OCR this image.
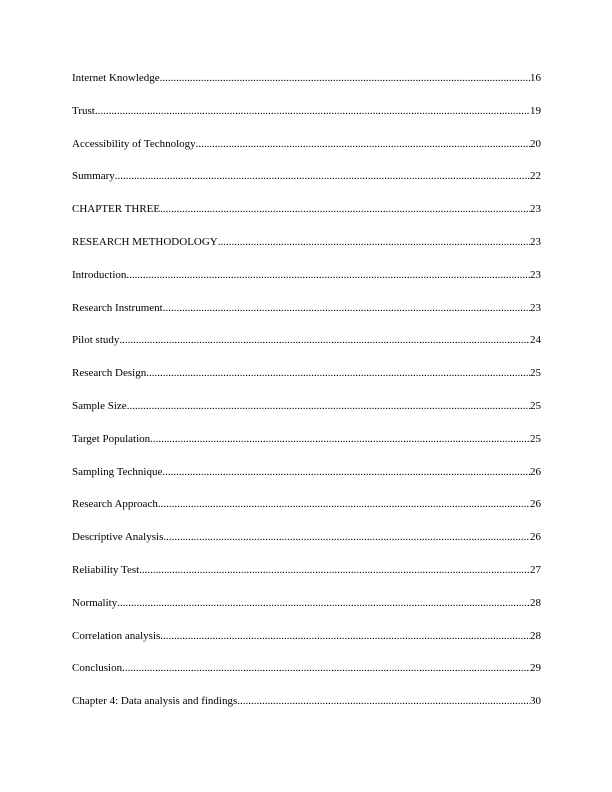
Internet Knowledge .....	16
Trust .....	19
Accessibility of Technology .....	20
Summary .....	22
CHAPTER THREE .....	23
RESEARCH METHODOLOGY .....	23
Introduction .....	23
Research Instrument .....	23
Pilot study .....	24
Research Design .....	25
Sample Size .....	25
Target Population .....	25
Sampling Technique .....	26
Research Approach .....	26
Descriptive Analysis .....	26
Reliability Test .....	27
Normality .....	28
Correlation analysis .....	28
Conclusion .....	29
Chapter 4: Data analysis and findings .....	30
